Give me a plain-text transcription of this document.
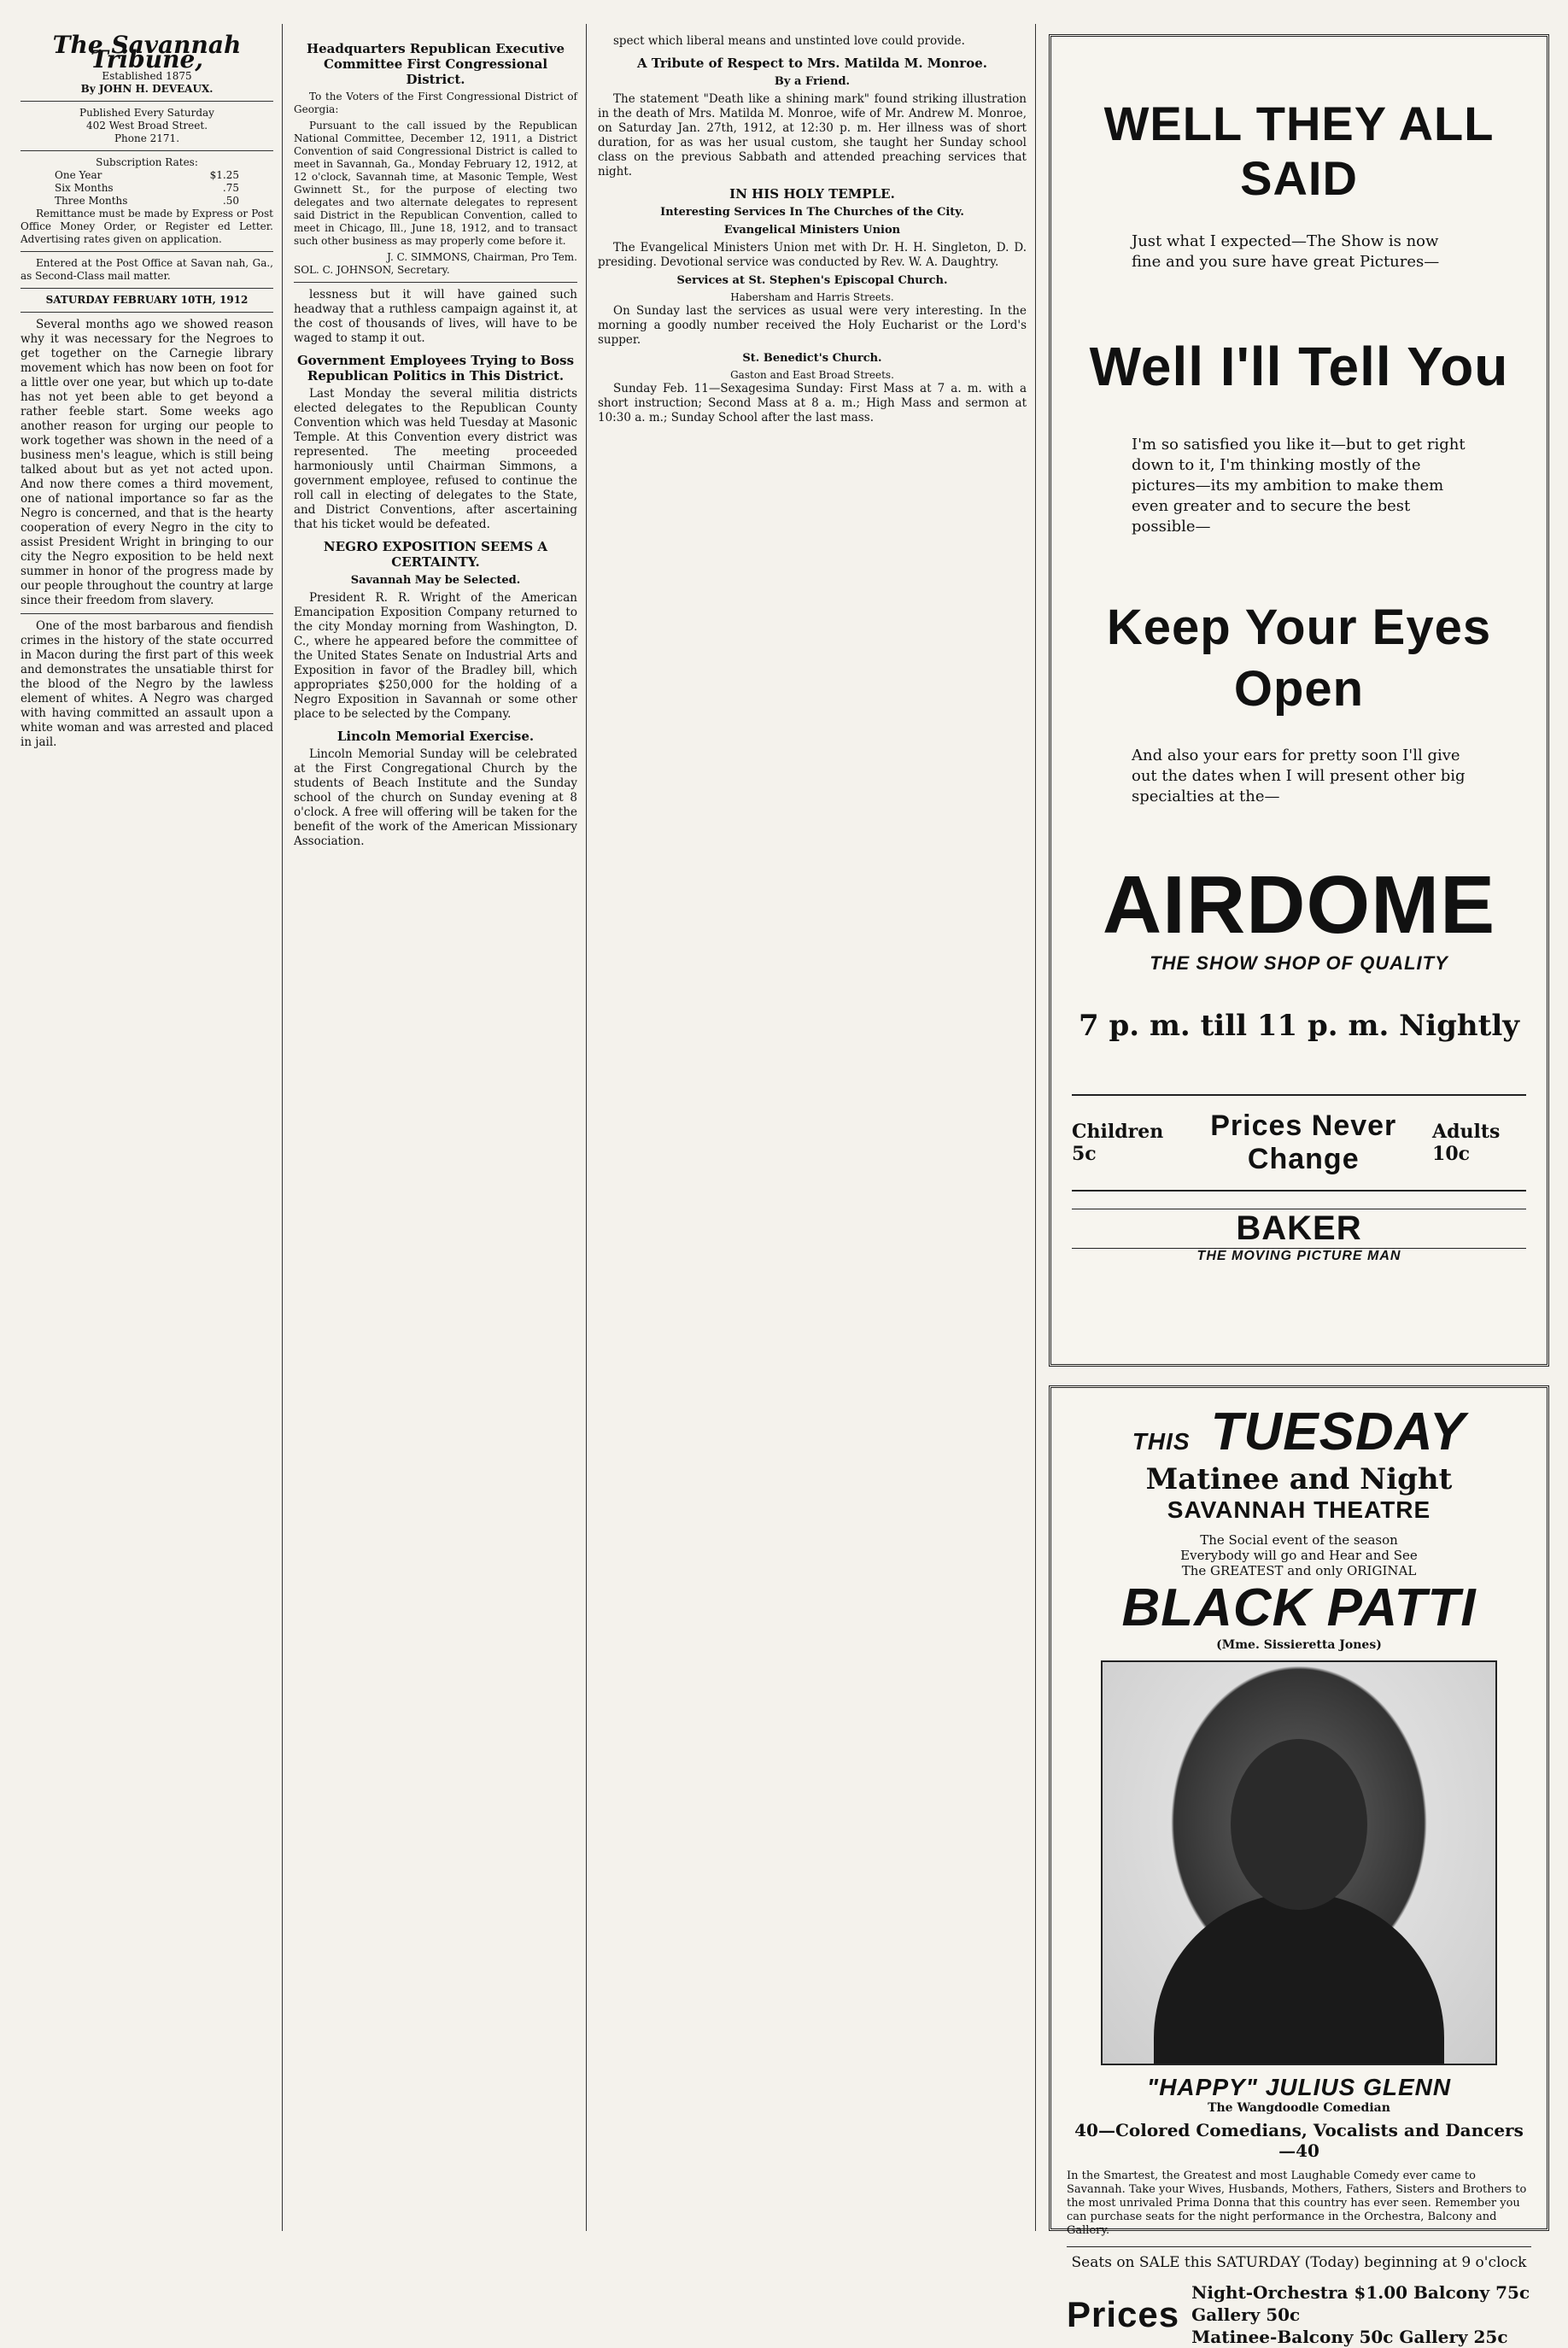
The Savannah Tribune,
Established 1875
By JOHN H. DEVEAUX.
Published Every Saturday
402 West Broad Street.
Phone 2171.
Subscription Rates:
One Year	$1.25
Six Months	.75
Three Months	.50

Remittance must be made by Express or Post Office Money Order, or Register ed Letter. Advertising rates given on application.

Entered at the Post Office at Savan nah, Ga., as Second-Class mail matter.

SATURDAY FEBRUARY 10TH, 1912

Several months ago we showed reason why it was necessary for the Negroes to get together on the Carnegie library movement which has now been on foot for a little over one year, but which up to-date has not yet been able to get beyond a rather feeble start. Some weeks ago another reason for urging our people to work together was shown in the need of a business men's league, which is still being talked about but as yet not acted upon. And now there comes a third movement, one of national importance so far as the Negro is concerned, and that is the hearty cooperation of every Negro in the city to assist President Wright in bringing to our city the Negro exposition to be held next summer in honor of the progress made by our people throughout the country at large since their freedom from slavery.

One of the most barbarous and fiendish crimes in the history of the state occurred in Macon during the first part of this week and demonstrates the unsatiable thirst for the blood of the Negro by the lawless element of whites. A Negro was charged with having committed an assault upon a white woman and was arrested and placed in jail.

Headquarters Republican Executive Committee First Congressional District.

To the Voters of the First Congressional District of Georgia:

Pursuant to the call issued by the Republican National Committee, December 12, 1911, a District Convention of said Congressional District is called to meet in Savannah, Ga., Monday February 12, 1912, at 12 o'clock, Savannah time, at Masonic Temple, West Gwinnett St., for the purpose of electing two delegates and two alternate delegates to represent said District in the Republican Convention, called to meet in Chicago, Ill., June 18, 1912, and to transact such other business as may properly come before it.

J. C. SIMMONS, Chairman, Pro Tem.
SOL. C. JOHNSON, Secretary.

lessness but it will have gained such headway that a ruthless campaign against it, at the cost of thousands of lives, will have to be waged to stamp it out.

Government Employees Trying to Boss Republican Politics in This District.

Last Monday the several militia districts elected delegates to the Republican County Convention which was held Tuesday at Masonic Temple. At this Convention every district was represented. The meeting proceeded harmoniously until Chairman Simmons, a government employee, refused to continue the roll call in electing of delegates to the State, and District Conventions, after ascertaining that his ticket would be defeated.

NEGRO EXPOSITION SEEMS A CERTAINTY.
Savannah May be Selected.

President R. R. Wright of the American Emancipation Exposition Company returned to the city Monday morning from Washington, D. C., where he appeared before the committee of the United States Senate on Industrial Arts and Exposition in favor of the Bradley bill, which appropriates $250,000 for the holding of a Negro Exposition in Savannah or some other place to be selected by the Company.

Lincoln Memorial Exercise.

Lincoln Memorial Sunday will be celebrated at the First Congregational Church by the students of Beach Institute and the Sunday school of the church on Sunday evening at 8 o'clock. A free will offering will be taken for the benefit of the work of the American Missionary Association.

spect which liberal means and unstinted love could provide.

A Tribute of Respect to Mrs. Matilda M. Monroe.
By a Friend.

The statement "Death like a shining mark" found striking illustration in the death of Mrs. Matilda M. Monroe, wife of Mr. Andrew M. Monroe, on Saturday Jan. 27th, 1912, at 12:30 p. m. Her illness was of short duration, for as was her usual custom, she taught her Sunday school class on the previous Sabbath and attended preaching services that night.

IN HIS HOLY TEMPLE.
Interesting Services In The Churches of the City.
Evangelical Ministers Union

The Evangelical Ministers Union met with Dr. H. H. Singleton, D. D. presiding. Devotional service was conducted by Rev. W. A. Daughtry.

Services at St. Stephen's Episcopal Church.
Habersham and Harris Streets.

On Sunday last the services as usual were very interesting. In the morning a goodly number received the Holy Eucharist or the Lord's supper.

St. Benedict's Church.
Gaston and East Broad Streets.

Sunday Feb. 11—Sexagesima Sunday: First Mass at 7 a. m. with a short instruction; Second Mass at 8 a. m.; High Mass and sermon at 10:30 a. m.; Sunday School after the last mass.

WELL THEY ALL SAID
Just what I expected—The Show is now fine and you sure have great Pictures—
Well I'll Tell You
I'm so satisfied you like it—but to get right down to it, I'm thinking mostly of the pictures—its my ambition to make them even greater and to secure the best possible—
Keep Your Eyes Open
And also your ears for pretty soon I'll give out the dates when I will present other big specialties at the—
AIRDOME
THE SHOW SHOP OF QUALITY
7 p. m. till 11 p. m. Nightly
Children 5c
Prices Never Change
Adults 10c
BAKER
THE MOVING PICTURE MAN
THIS TUESDAY
Matinee and Night
SAVANNAH THEATRE
The Social event of the season
Everybody will go and Hear and See
The GREATEST and only ORIGINAL
BLACK PATTI
(Mme. Sissieretta Jones)
"HAPPY" JULIUS GLENN
The Wangdoodle Comedian
40—Colored Comedians, Vocalists and Dancers—40

In the Smartest, the Greatest and most Laughable Comedy ever came to Savannah. Take your Wives, Husbands, Mothers, Fathers, Sisters and Brothers to the most unrivaled Prima Donna that this country has ever seen. Remember you can purchase seats for the night performance in the Orchestra, Balcony and Gallery.

Seats on SALE this SATURDAY (Today) beginning at 9 o'clock
Prices
Night-Orchestra $1.00 Balcony 75c Gallery 50c
Matinee-Balcony 50c Gallery 25c
